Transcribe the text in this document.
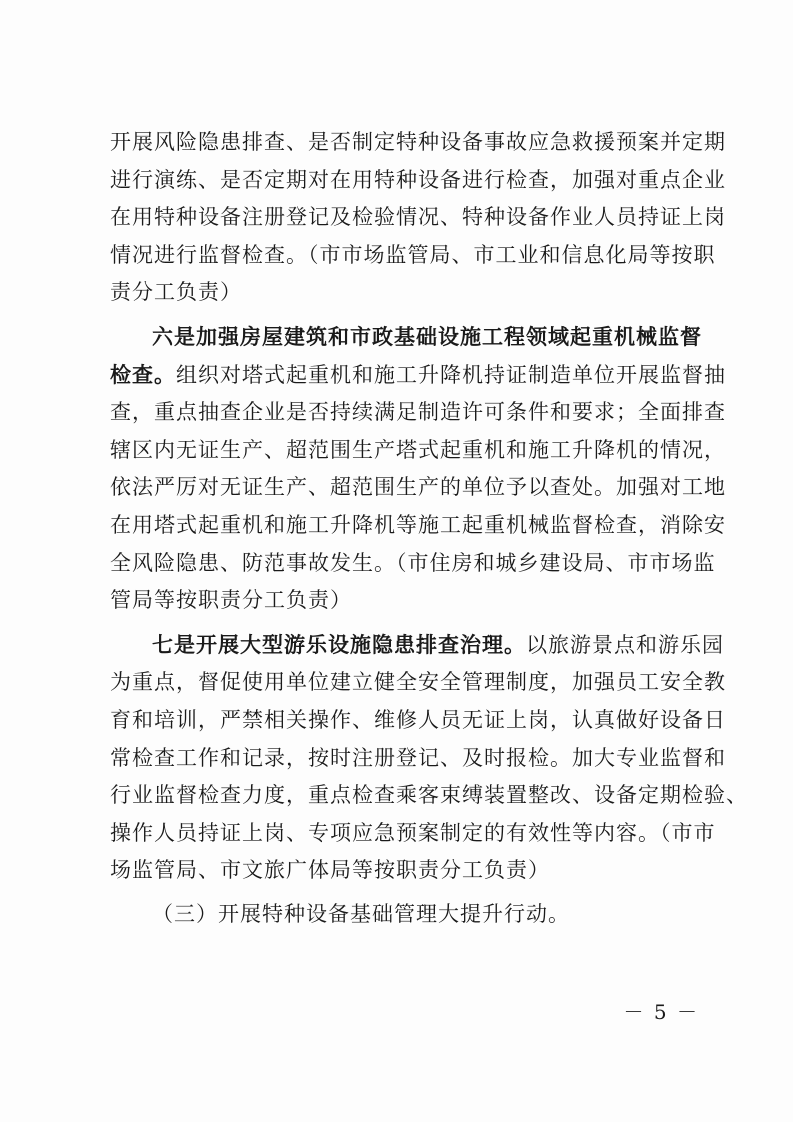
开展风险隐患排查、是否制定特种设备事故应急救援预案并定期
进行演练、是否定期对在用特种设备进行检查，加强对重点企业
在用特种设备注册登记及检验情况、特种设备作业人员持证上岗
情况进行监督检查。（市市场监管局、市工业和信息化局等按职
责分工负责）

六是加强房屋建筑和市政基础设施工程领域起重机械监督
检查。组织对塔式起重机和施工升降机持证制造单位开展监督抽
查，重点抽查企业是否持续满足制造许可条件和要求；全面排查
辖区内无证生产、超范围生产塔式起重机和施工升降机的情况，
依法严厉对无证生产、超范围生产的单位予以查处。加强对工地
在用塔式起重机和施工升降机等施工起重机械监督检查，消除安
全风险隐患、防范事故发生。（市住房和城乡建设局、市市场监
管局等按职责分工负责）

七是开展大型游乐设施隐患排查治理。以旅游景点和游乐园
为重点，督促使用单位建立健全安全管理制度，加强员工安全教
育和培训，严禁相关操作、维修人员无证上岗，认真做好设备日
常检查工作和记录，按时注册登记、及时报检。加大专业监督和
行业监督检查力度，重点检查乘客束缚装置整改、设备定期检验、
操作人员持证上岗、专项应急预案制定的有效性等内容。（市市
场监管局、市文旅广体局等按职责分工负责）

（三）开展特种设备基础管理大提升行动。

－ 5 －
